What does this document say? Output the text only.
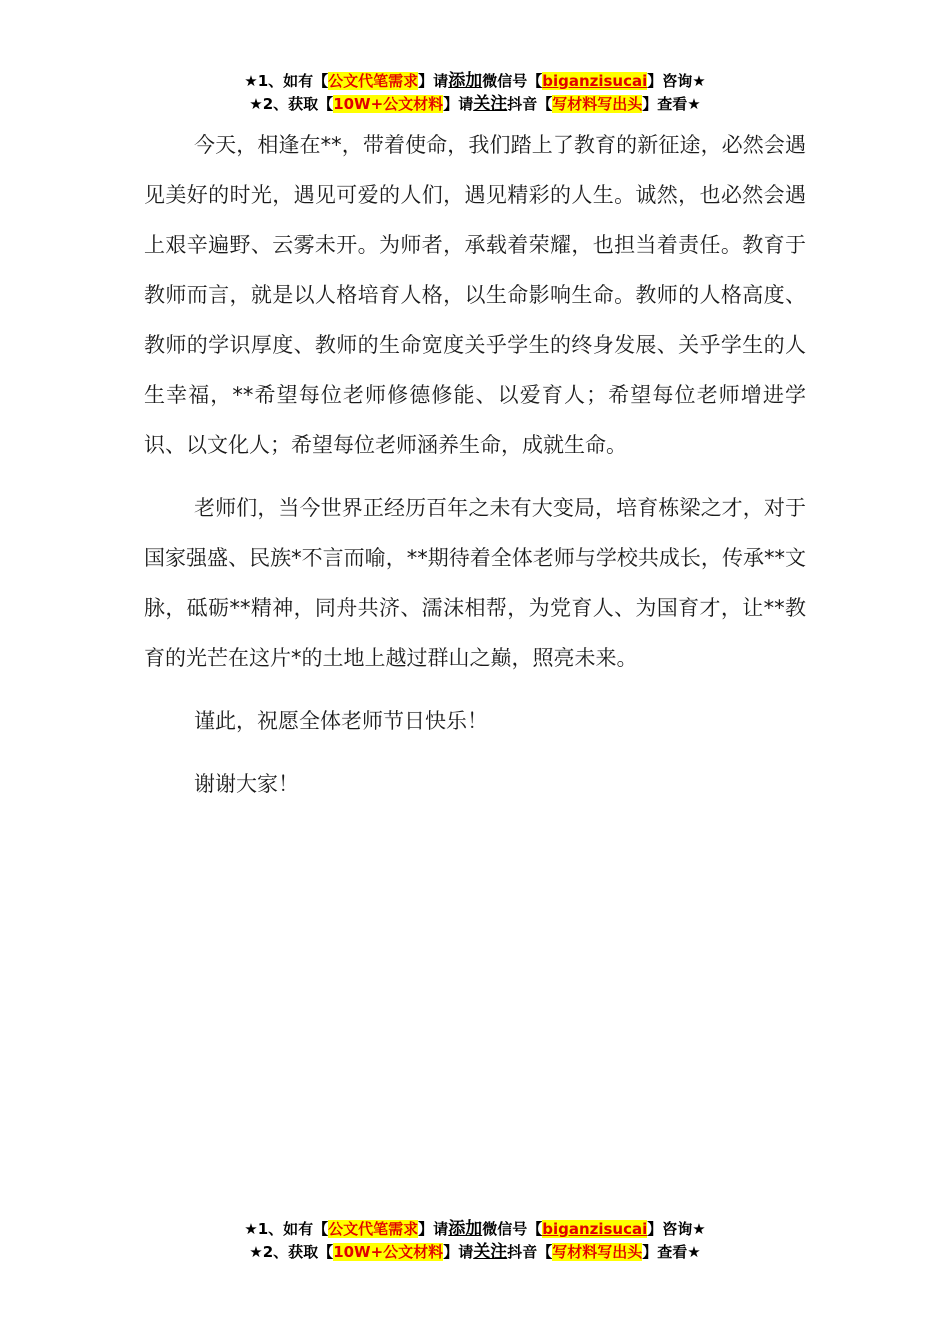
★1、如有【公文代笔需求】请添加微信号【biganzisucai】咨询★
★2、获取【10W+公文材料】请关注抖音【写材料写出头】查看★

今天，相逢在**，带着使命，我们踏上了教育的新征途，必然会遇见美好的时光，遇见可爱的人们，遇见精彩的人生。诚然，也必然会遇上艰辛遍野、云雾未开。为师者，承载着荣耀，也担当着责任。教育于教师而言，就是以人格培育人格，以生命影响生命。教师的人格高度、教师的学识厚度、教师的生命宽度关乎学生的终身发展、关乎学生的人生幸福，**希望每位老师修德修能、以爱育人；希望每位老师增进学识、以文化人；希望每位老师涵养生命，成就生命。

老师们，当今世界正经历百年之未有大变局，培育栋梁之才，对于国家强盛、民族*不言而喻，**期待着全体老师与学校共成长，传承**文脉，砥砺**精神，同舟共济、濡沫相帮，为党育人、为国育才，让**教育的光芒在这片*的土地上越过群山之巅，照亮未来。

谨此，祝愿全体老师节日快乐！

谢谢大家！

★1、如有【公文代笔需求】请添加微信号【biganzisucai】咨询★
★2、获取【10W+公文材料】请关注抖音【写材料写出头】查看★
